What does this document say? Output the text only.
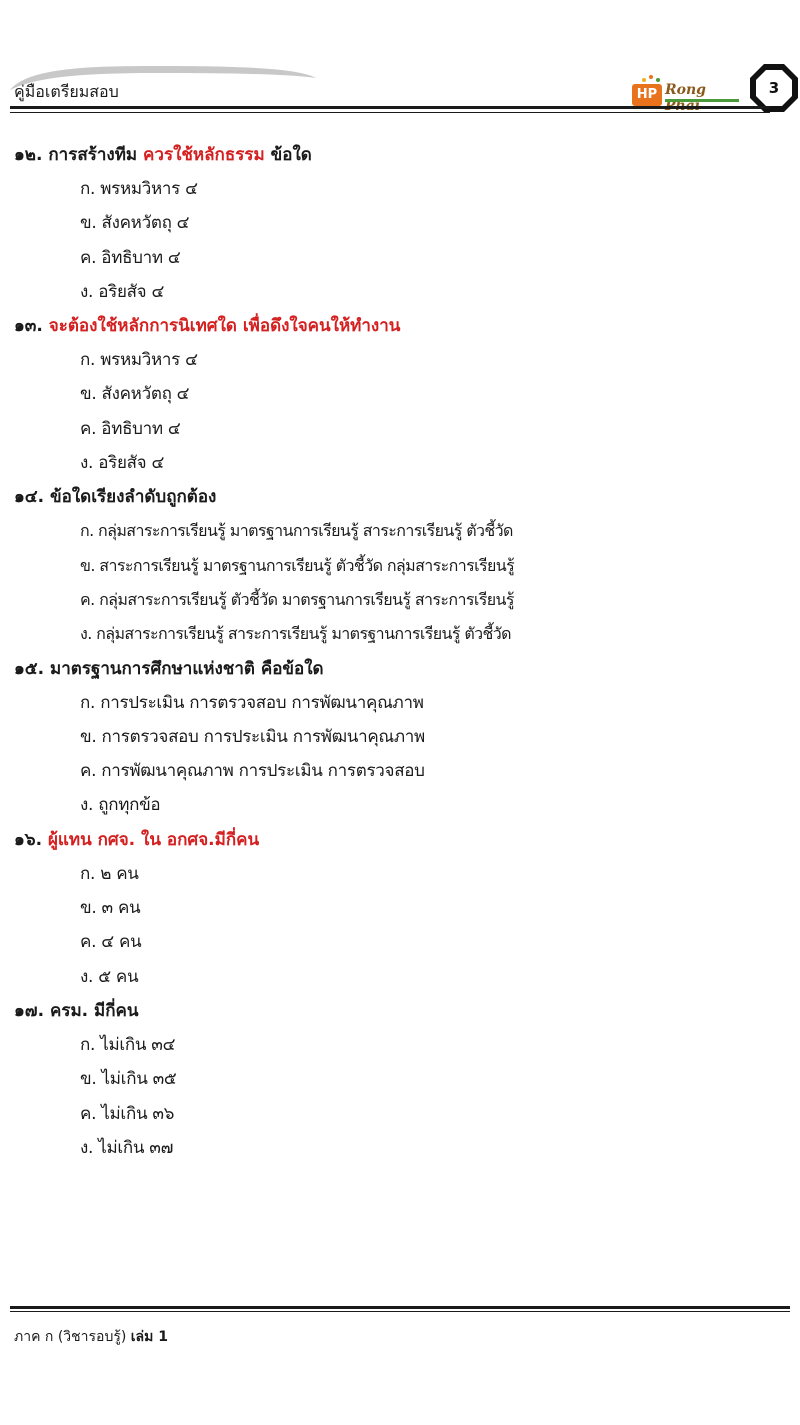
คู่มือเตรียมสอบ	HP Rong	3
๑๒. การสร้างทีม ควรใช้หลักธรรม ข้อใด
ก. พรหมวิหาร ๔
ข. สังคหวัตถุ ๔
ค. อิทธิบาท ๔
ง. อริยสัจ ๔
๑๓. จะต้องใช้หลักการนิเทศใด เพื่อดึงใจคนให้ทำงาน
ก. พรหมวิหาร ๔
ข. สังคหวัตถุ ๔
ค. อิทธิบาท ๔
ง. อริยสัจ ๔
๑๔. ข้อใดเรียงลำดับถูกต้อง
ก. กลุ่มสาระการเรียนรู้ มาตรฐานการเรียนรู้ สาระการเรียนรู้ ตัวชี้วัด
ข. สาระการเรียนรู้ มาตรฐานการเรียนรู้ ตัวชี้วัด กลุ่มสาระการเรียนรู้
ค. กลุ่มสาระการเรียนรู้ ตัวชี้วัด มาตรฐานการเรียนรู้ สาระการเรียนรู้
ง. กลุ่มสาระการเรียนรู้ สาระการเรียนรู้ มาตรฐานการเรียนรู้ ตัวชี้วัด
๑๕. มาตรฐานการศึกษาแห่งชาติ คือข้อใด
ก. การประเมิน การตรวจสอบ การพัฒนาคุณภาพ
ข. การตรวจสอบ การประเมิน การพัฒนาคุณภาพ
ค. การพัฒนาคุณภาพ การประเมิน การตรวจสอบ
ง. ถูกทุกข้อ
๑๖. ผู้แทน กศจ. ใน อกศจ.มีกี่คน
ก. ๒ คน
ข. ๓ คน
ค. ๔ คน
ง. ๕ คน
๑๗. ครม. มีกี่คน
ก. ไม่เกิน ๓๔
ข. ไม่เกิน ๓๕
ค. ไม่เกิน ๓๖
ง. ไม่เกิน ๓๗
ภาค ก (วิชารอบรู้) เล่ม 1
